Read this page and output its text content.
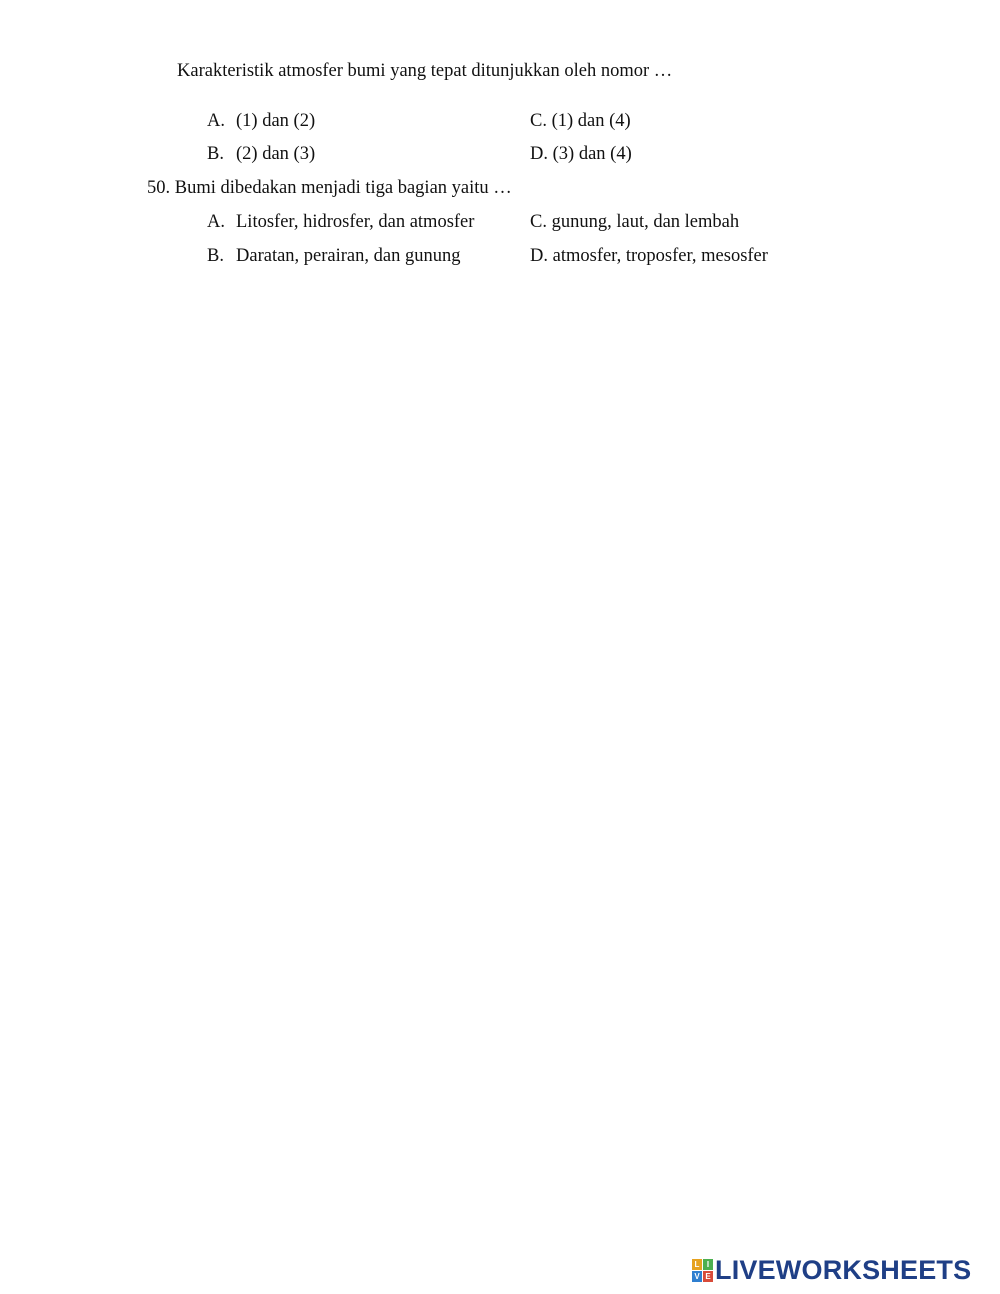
Karakteristik atmosfer bumi yang tepat ditunjukkan oleh nomor …
A. (1) dan (2)
B. (2) dan (3)
C. (1) dan (4)
D. (3) dan (4)
50. Bumi dibedakan menjadi tiga bagian yaitu …
A. Litosfer, hidrosfer, dan atmosfer
B. Daratan, perairan, dan gunung
C. gunung, laut, dan lembah
D. atmosfer, troposfer, mesosfer
L I
V E LIVEWORKSHEETS
